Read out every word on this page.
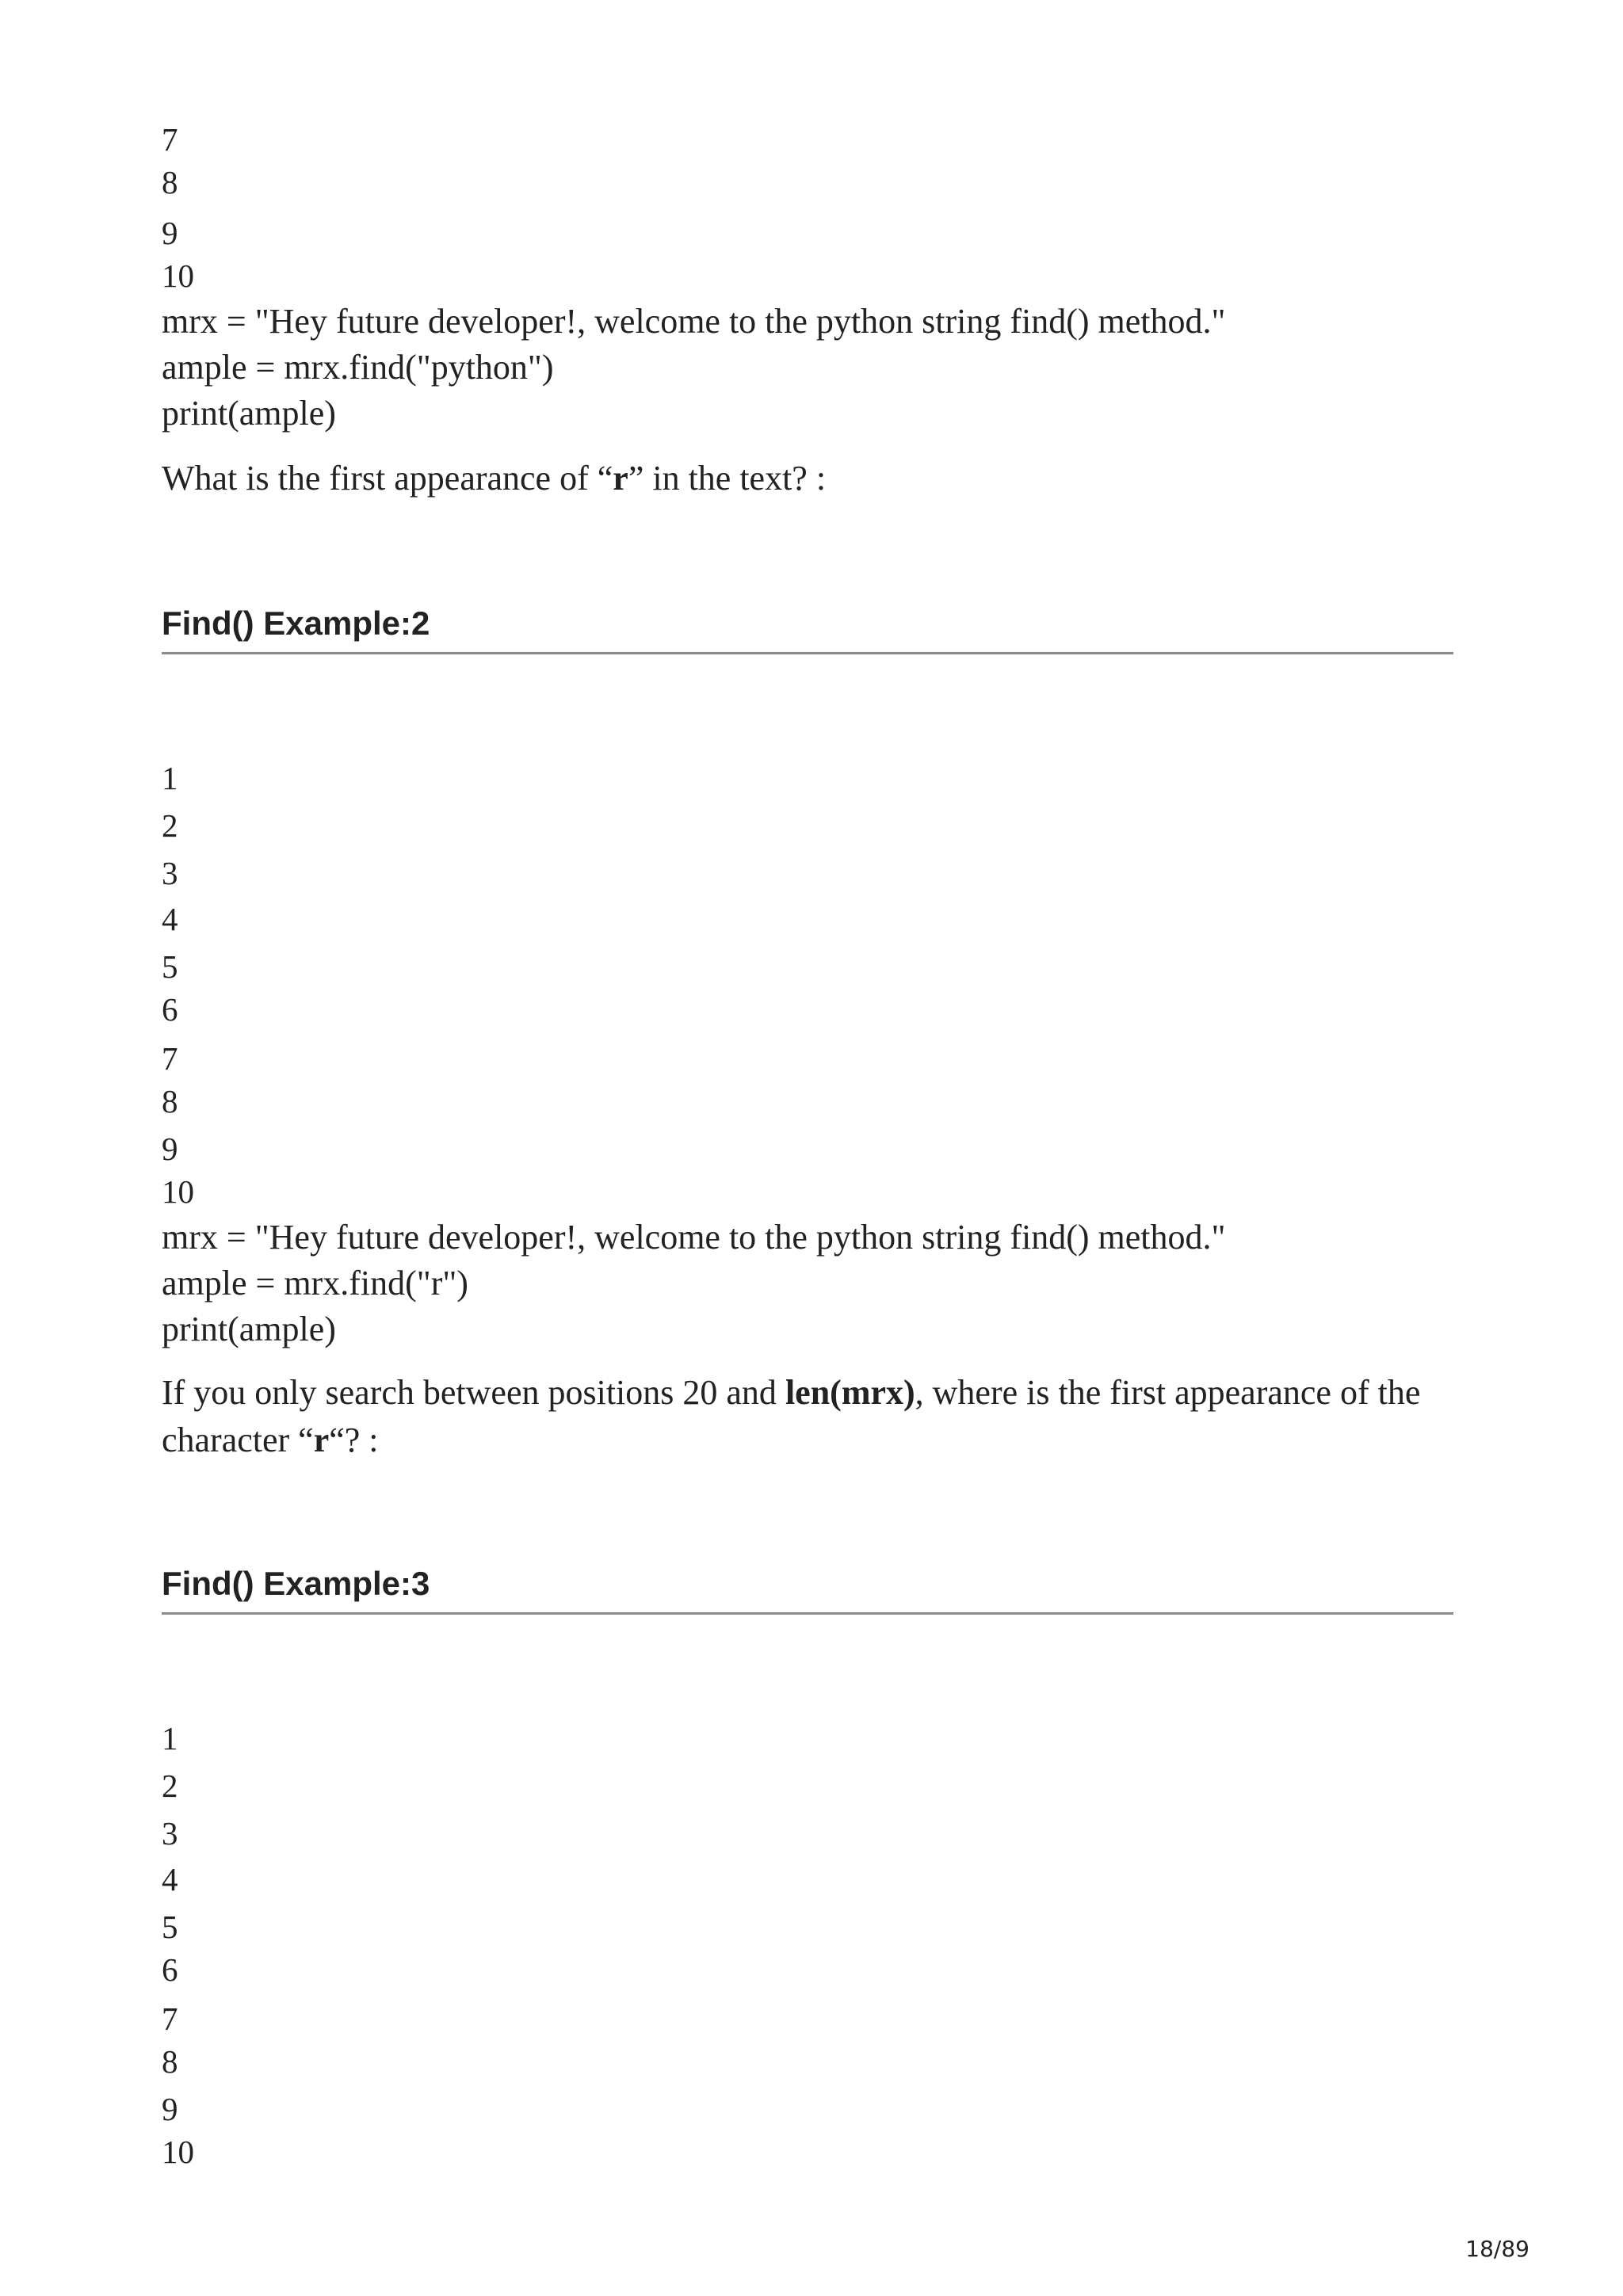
7
8
9
10
mrx = "Hey future developer!, welcome to the python string find() method."
ample = mrx.find("python")
print(ample)
What is the first appearance of “r” in the text? :
Find() Example:2
1
2
3
4
5
6
7
8
9
10
mrx = "Hey future developer!, welcome to the python string find() method."
ample = mrx.find("r")
print(ample)
If you only search between positions 20 and len(mrx), where is the first appearance of the character “r“? :
Find() Example:3
1
2
3
4
5
6
7
8
9
10
18/89
